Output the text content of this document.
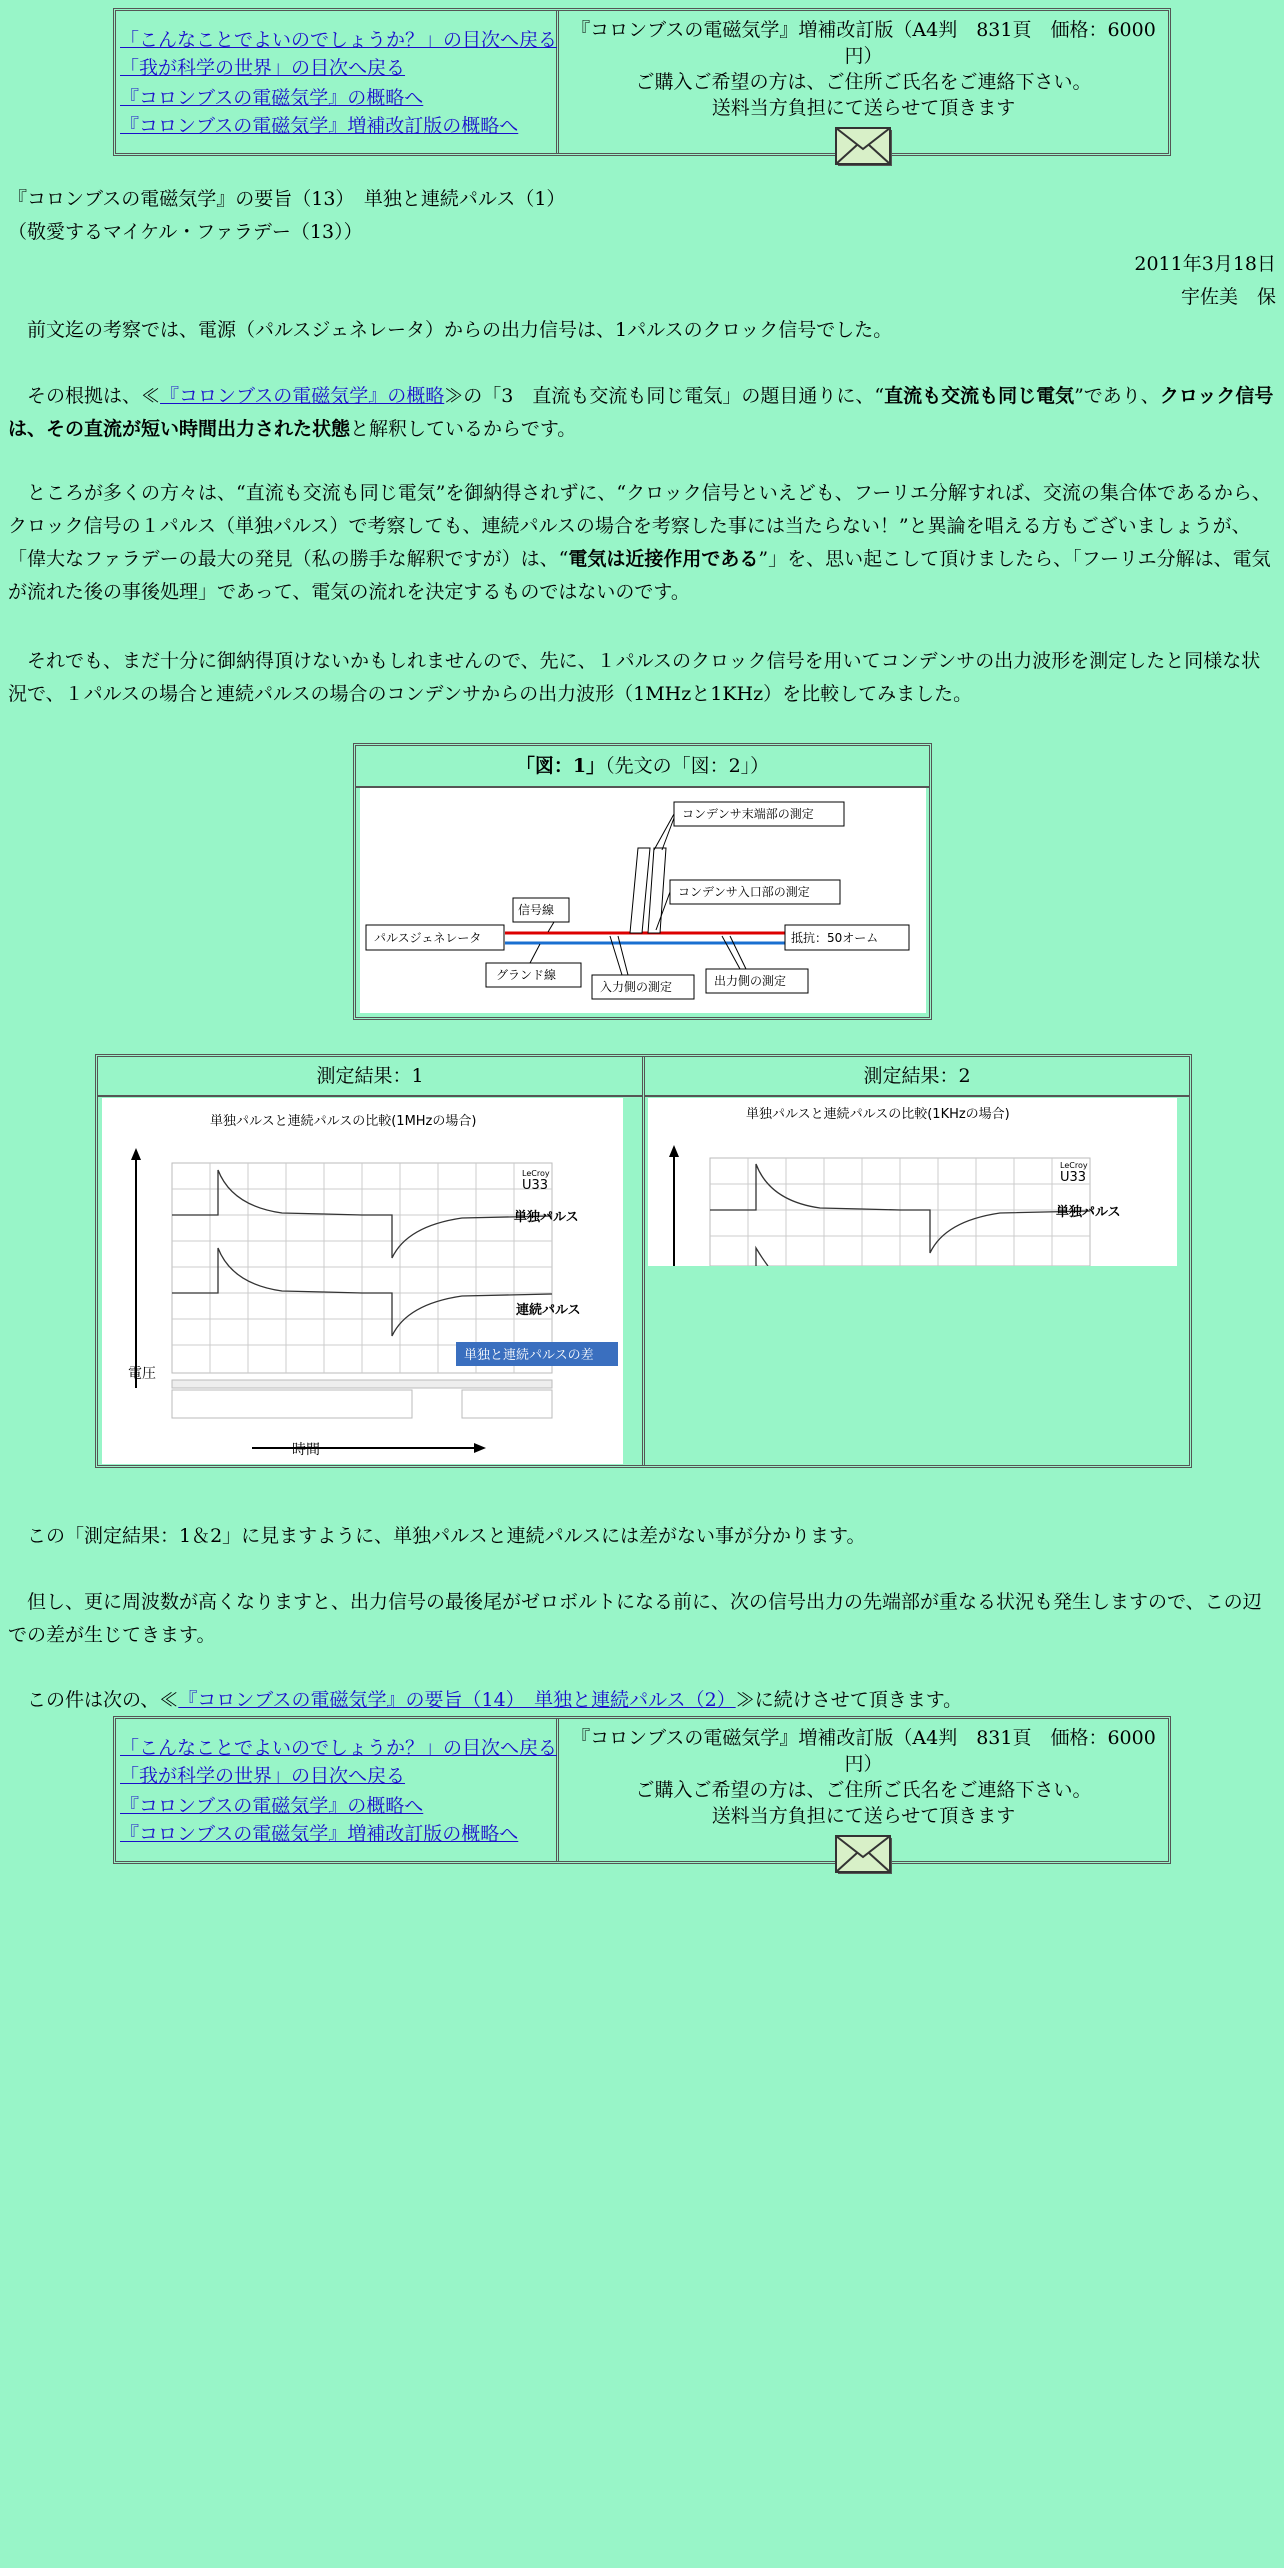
「こんなことでよいのでしょうか？」の目次へ戻る
「我が科学の世界」の目次へ戻る
『コロンブスの電磁気学』の概略へ
『コロンブスの電磁気学』増補改訂版の概略へ
『コロンブスの電磁気学』増補改訂版（A4判　831頁　価格：6000円）
ご購入ご希望の方は、ご住所ご氏名をご連絡下さい。
送料当方負担にて送らせて頂きます
『コロンブスの電磁気学』の要旨（13）　単独と連続パルス（1）
（敬愛するマイケル・ファラデー（13））
2011年3月18日
宇佐美　保
前文迄の考察では、電源（パルスジェネレータ）からの出力信号は、1パルスのクロック信号でした。
その根拠は、≪『コロンブスの電磁気学』の概略≫の「3　直流も交流も同じ電気」の題目通りに、“直流も交流も同じ電気”であり、クロック信号は、その直流が短い時間出力された状態と解釈しているからです。
ところが多くの方々は、“直流も交流も同じ電気”を御納得されずに、“クロック信号といえども、フーリエ分解すれば、交流の集合体であるから、クロック信号の１パルス（単独パルス）で考察しても、連続パルスの場合を考察した事には当たらない！”と異論を唱える方もございましょうが、「偉大なファラデーの最大の発見（私の勝手な解釈ですが）は、“電気は近接作用である”」を、思い起こして頂けましたら、「フーリエ分解は、電気が流れた後の事後処理」であって、電気の流れを決定するものではないのです。
それでも、まだ十分に御納得頂けないかもしれませんので、先に、１パルスのクロック信号を用いてコンデンサの出力波形を測定したと同様な状況で、１パルスの場合と連続パルスの場合のコンデンサからの出力波形（1MHzと1KHz）を比較してみました。
「図：1」（先文の「図：2」）
パルスジェネレータ	抵抗：50オーム
コンデンサ末端部の測定
コンデンサ入口部の測定
信号線
グランド線
入力側の測定	出力側の測定
測定結果：1
単独パルスと連続パルスの比較(1MHzの場合)
電圧
時間
LeCroy
U33
単独パルス
連続パルス
単独と連続パルスの差
測定結果：2
単独パルスと連続パルスの比較(1KHzの場合)
LeCroy
U33
単独パルス
この「測定結果：1＆2」に見ますように、単独パルスと連続パルスには差がない事が分かります。
但し、更に周波数が高くなりますと、出力信号の最後尾がゼロボルトになる前に、次の信号出力の先端部が重なる状況も発生しますので、この辺での差が生じてきます。
この件は次の、≪『コロンブスの電磁気学』の要旨（14）　単独と連続パルス（2）≫に続けさせて頂きます。
「こんなことでよいのでしょうか？」の目次へ戻る
「我が科学の世界」の目次へ戻る
『コロンブスの電磁気学』の概略へ
『コロンブスの電磁気学』増補改訂版の概略へ
『コロンブスの電磁気学』増補改訂版（A4判　831頁　価格：6000円）
ご購入ご希望の方は、ご住所ご氏名をご連絡下さい。
送料当方負担にて送らせて頂きます
